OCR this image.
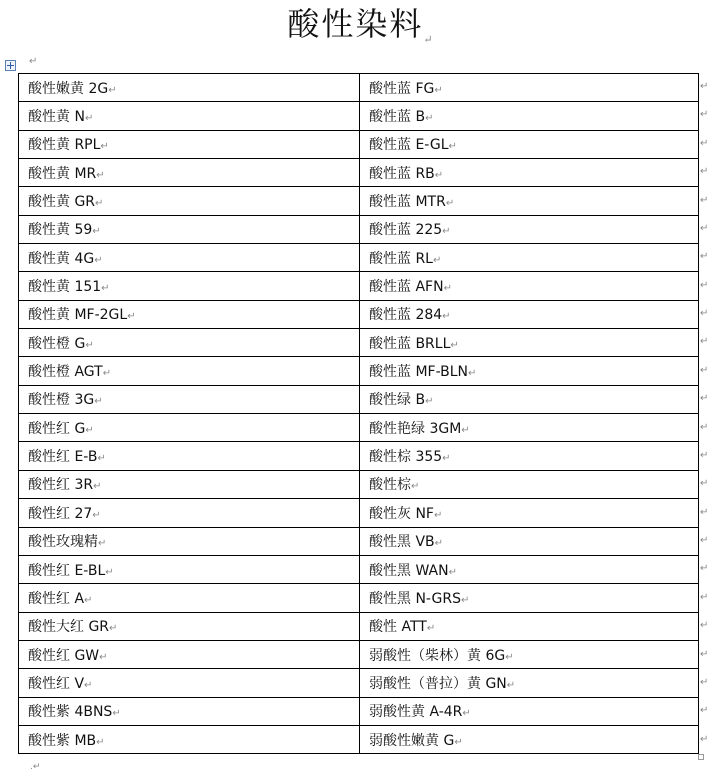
酸性染料$_↵$
↵
酸性嫩黄 2G↵	酸性蓝 FG↵
酸性黄 N↵	酸性蓝 B↵
酸性黄 RPL↵	酸性蓝 E-GL↵
酸性黄 MR↵	酸性蓝 RB↵
酸性黄 GR↵	酸性蓝 MTR↵
酸性黄 59↵	酸性蓝 225↵
酸性黄 4G↵	酸性蓝 RL↵
酸性黄 151↵	酸性蓝 AFN↵
酸性黄 MF-2GL↵	酸性蓝 284↵
酸性橙 G↵	酸性蓝 BRLL↵
酸性橙 AGT↵	酸性蓝 MF-BLN↵
酸性橙 3G↵	酸性绿 B↵
酸性红 G↵	酸性艳绿 3GM↵
酸性红 E-B↵	酸性棕 355↵
酸性红 3R↵	酸性棕↵
酸性红 27↵	酸性灰 NF↵
酸性玫瑰精↵	酸性黑 VB↵
酸性红 E-BL↵	酸性黑 WAN↵
酸性红 A↵	酸性黑 N-GRS↵
酸性大红 GR↵	酸性 ATT↵
酸性红 GW↵	弱酸性（柴林）黄 6G↵
酸性红 V↵	弱酸性（普拉）黄 GN↵
酸性紫 4BNS↵	弱酸性黄 A-4R↵
酸性紫 MB↵	弱酸性嫩黄 G↵
↵
↵
↵
↵
↵
↵
↵
↵
↵
↵
↵
↵
↵
↵
↵
↵
↵
↵
↵
↵
↵
↵
↵
↵
.↵
